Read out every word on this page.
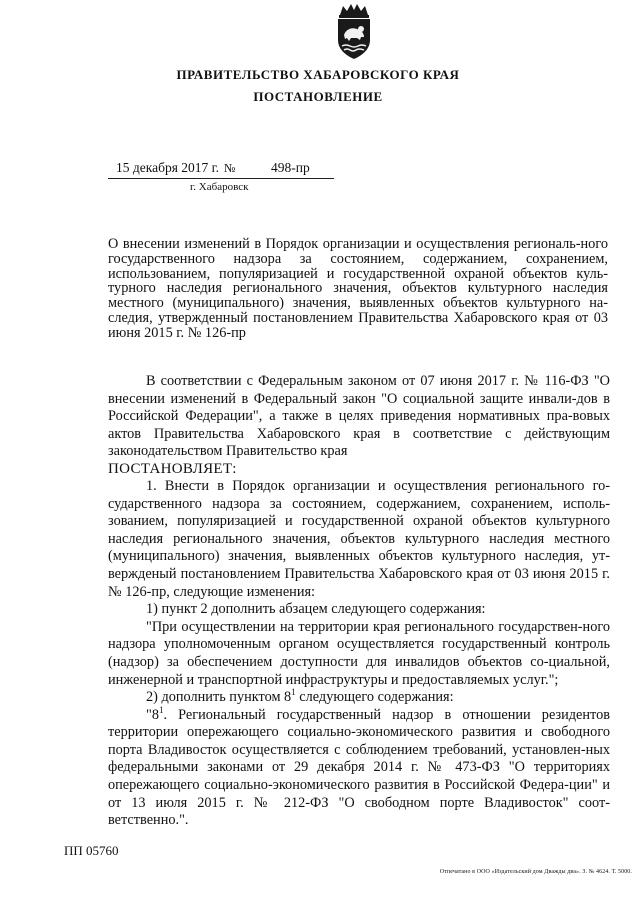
ПРАВИТЕЛЬСТВО ХАБАРОВСКОГО КРАЯ
ПОСТАНОВЛЕНИЕ
15 декабря 2017 г. №	498-пр
г. Хабаровск
О внесении изменений в Порядок организации и осуществления региональ-ного государственного надзора за состоянием, содержанием, сохранением, использованием, популяризацией и государственной охраной объектов куль-турного наследия регионального значения, объектов культурного наследия местного (муниципального) значения, выявленных объектов культурного на-следия, утвержденный постановлением Правительства Хабаровского края от 03 июня 2015 г. № 126-пр

В соответствии с Федеральным законом от 07 июня 2017 г. № 116-ФЗ "О внесении изменений в Федеральный закон "О социальной защите инвали-дов в Российской Федерации", а также в целях приведения нормативных пра-вовых актов Правительства Хабаровского края в соответствие с действующим законодательством Правительство края

ПОСТАНОВЛЯЕТ:

1. Внести в Порядок организации и осуществления регионального го-сударственного надзора за состоянием, содержанием, сохранением, исполь-зованием, популяризацией и государственной охраной объектов культурного наследия регионального значения, объектов культурного наследия местного (муниципального) значения, выявленных объектов культурного наследия, ут-вержденый постановлением Правительства Хабаровского края от 03 июня 2015 г. № 126-пр, следующие изменения:

1) пункт 2 дополнить абзацем следующего содержания:

"При осуществлении на территории края регионального государствен-ного надзора уполномоченным органом осуществляется государственный контроль (надзор) за обеспечением доступности для инвалидов объектов со-циальной, инженерной и транспортной инфраструктуры и предоставляемых услуг.";

2) дополнить пунктом $8^1$ следующего содержания:

"$8^1$. Региональный государственный надзор в отношении резидентов территории опережающего социально-экономического развития и свободного порта Владивосток осуществляется с соблюдением требований, установлен-ных федеральными законами от 29 декабря 2014 г. № 473-ФЗ "О территориях опережающего социально-экономического развития в Российской Федера-ции" и от 13 июля 2015 г. № 212-ФЗ "О свободном порте Владивосток" соот-ветственно.".

ПП 05760
Отпечатано в ООО «Издательский дом Дважды два». З. № 4624. Т. 5000.
